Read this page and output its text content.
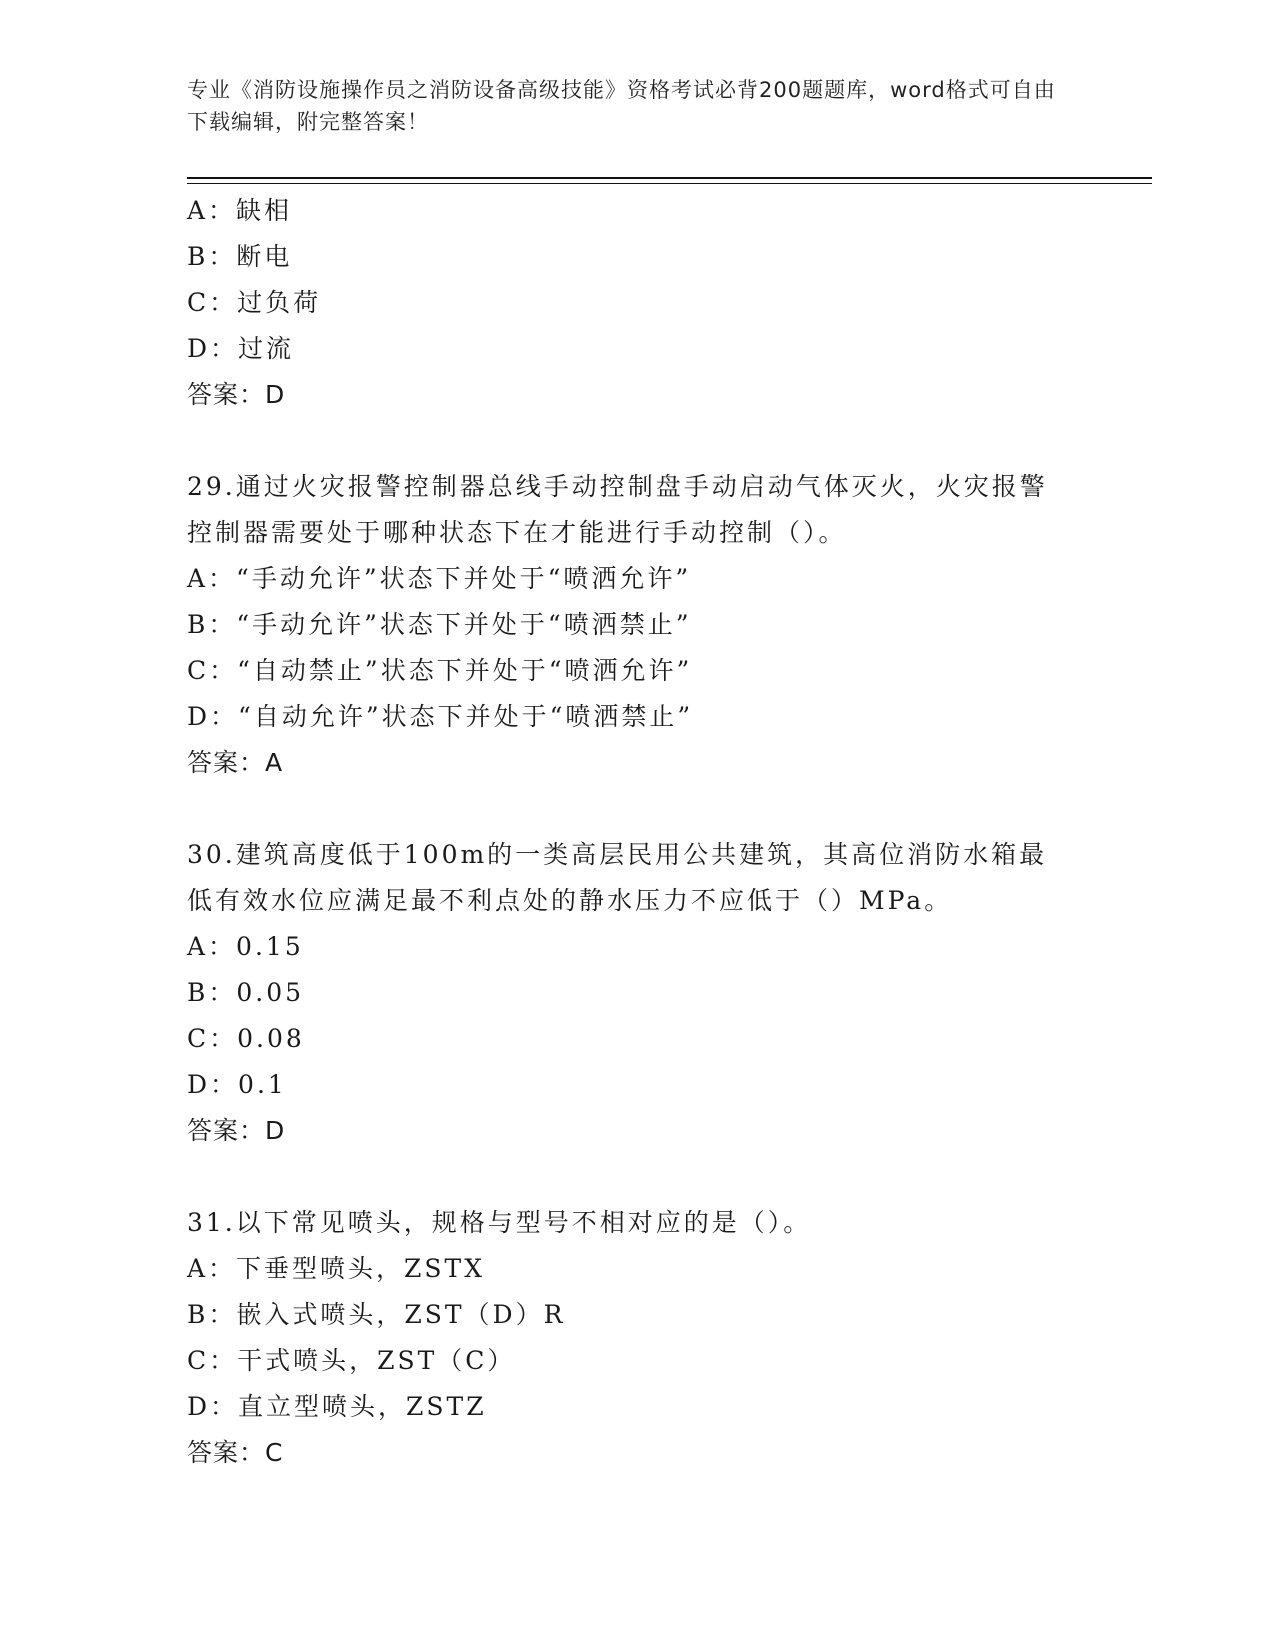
专业《消防设施操作员之消防设备高级技能》资格考试必背200题题库，word格式可自由下载编辑，附完整答案！
A：缺相
B：断电
C：过负荷
D：过流
答案：D
29.通过火灾报警控制器总线手动控制盘手动启动气体灭火，火灾报警
控制器需要处于哪种状态下在才能进行手动控制（）。
A：“手动允许”状态下并处于“喷洒允许”
B：“手动允许”状态下并处于“喷洒禁止”
C：“自动禁止”状态下并处于“喷洒允许”
D：“自动允许”状态下并处于“喷洒禁止”
答案：A
30.建筑高度低于100m的一类高层民用公共建筑，其高位消防水箱最
低有效水位应满足最不利点处的静水压力不应低于（）MPa。
A：0.15
B：0.05
C：0.08
D：0.1
答案：D
31.以下常见喷头，规格与型号不相对应的是（）。
A：下垂型喷头，ZSTX
B：嵌入式喷头，ZST（D）R
C：干式喷头，ZST（C）
D：直立型喷头，ZSTZ
答案：C
